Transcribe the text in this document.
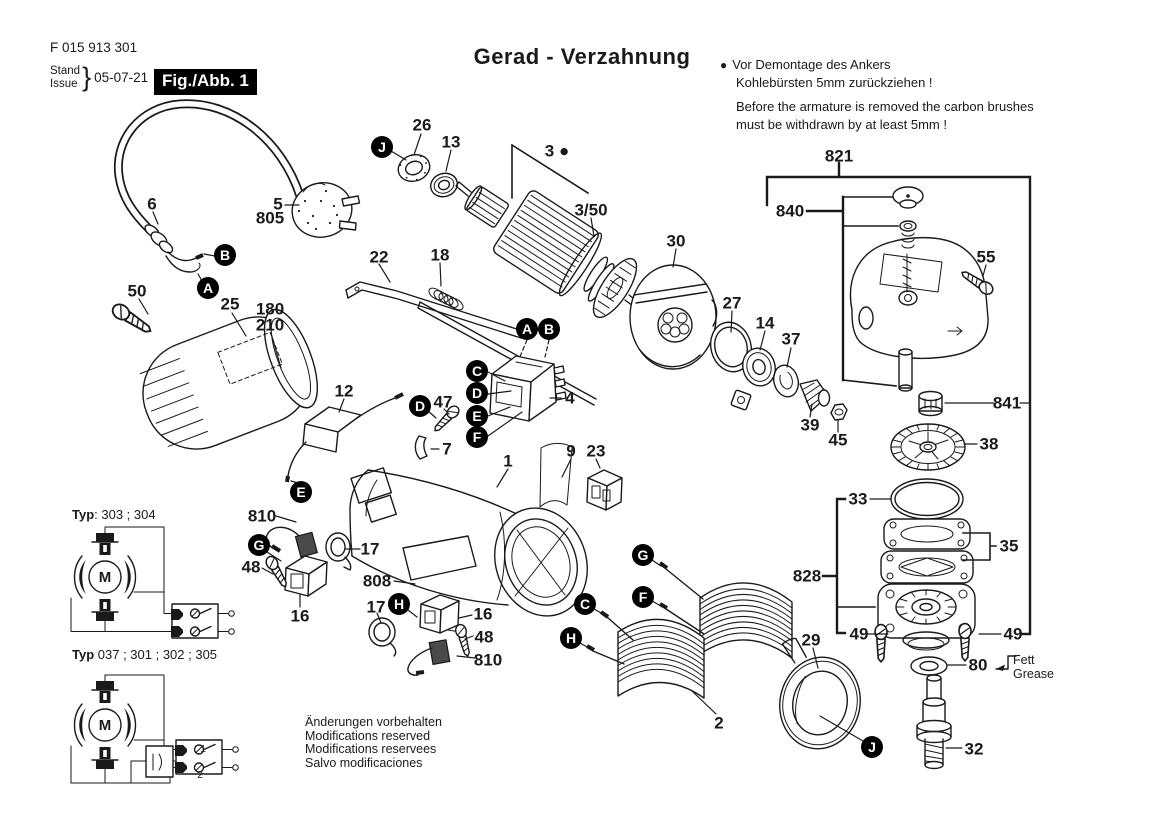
M
M
1
2
26
13	3 ●
3/50
30
821
840
55
6	5
805
50
25 180
210
22 18
27
14
37
4
12
47
7
39
45
841
38
9 23
1
33
35
810
17
48
16
808	828
17	16
48
810
29 49	49
80
2
32
J
B
A
A B
C
D
E
F
D
E
G
H
G
F
C
H
J
F 015 913 301
Stand
Issue } 05-07-21 Fig./Abb. 1
Gerad - Verzahnung ● Vor Demontage des Ankers
Kohlebürsten 5mm zurückziehen !
Before the armature is removed the carbon brushes
must be withdrawn by at least 5mm !
Typ: 303 ; 304
Typ 037 ; 301 ; 302 ; 305
Änderungen vorbehalten
Modifications reserved
Modifications reservees
Salvo modificaciones
Fett
Grease
